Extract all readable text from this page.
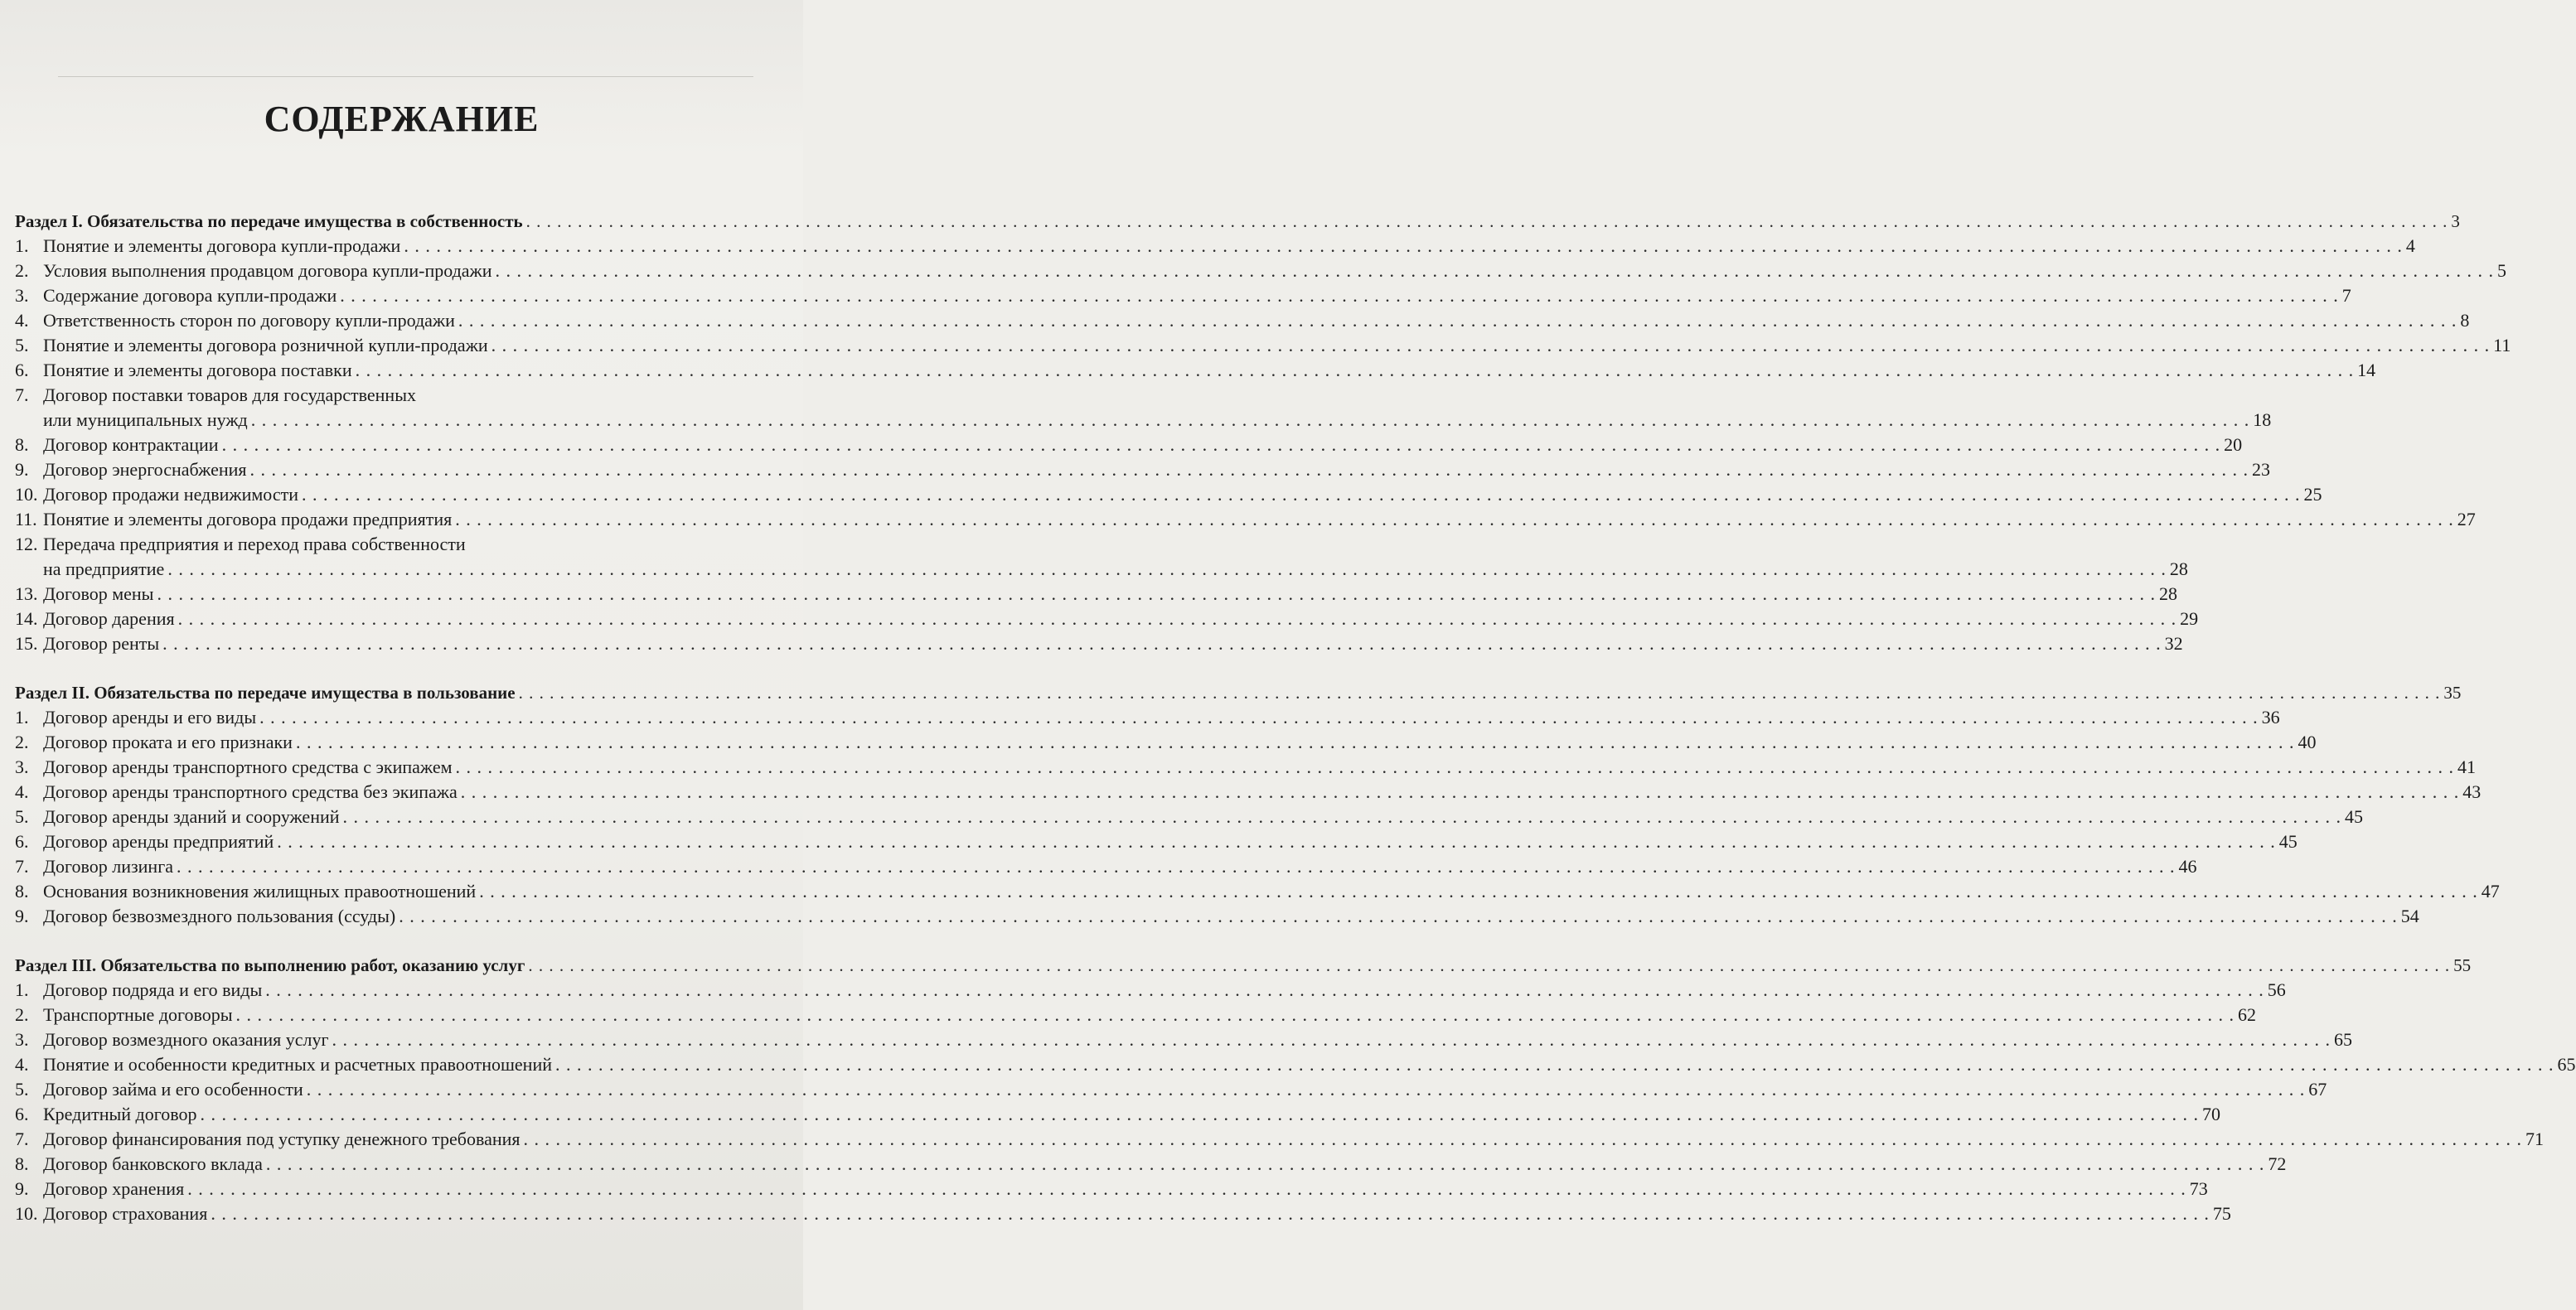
СОДЕРЖАНИЕ
Раздел I. Обязательства по передаче имущества в собственность . . .	3
1. Понятие и элементы договора купли-продажи . . .	4
2. Условия выполнения продавцом договора купли-продажи . . .	5
3. Содержание договора купли-продажи . . .	7
4. Ответственность сторон по договору купли-продажи . . .	8
5. Понятие и элементы договора розничной купли-продажи . . .	11
6. Понятие и элементы договора поставки . . .	14
7. Договор поставки товаров для государственных
или муниципальных нужд . . .	18
8. Договор контрактации . . .	20
9. Договор энергоснабжения . . .	23
10. Договор продажи недвижимости . . .	25
11. Понятие и элементы договора продажи предприятия . . .	27
12. Передача предприятия и переход права собственности
на предприятие . . .	28
13. Договор мены . . .	28
14. Договор дарения . . .	29
15. Договор ренты . . .	32
Раздел II. Обязательства по передаче имущества в пользование . . .	35
1. Договор аренды и его виды . . .	36
2. Договор проката и его признаки . . .	40
3. Договор аренды транспортного средства с экипажем . . .	41
4. Договор аренды транспортного средства без экипажа . . .	43
5. Договор аренды зданий и сооружений . . .	45
6. Договор аренды предприятий . . .	45
7. Договор лизинга . . .	46
8. Основания возникновения жилищных правоотношений . . .	47
9. Договор безвозмездного пользования (ссуды) . . .	54
Раздел III. Обязательства по выполнению работ, оказанию услуг . . .	55
1. Договор подряда и его виды . . .	56
2. Транспортные договоры . . .	62
3. Договор возмездного оказания услуг . . .	65
4. Понятие и особенности кредитных и расчетных правоотношений . . .	65
5. Договор займа и его особенности . . .	67
6. Кредитный договор . . .	70
7. Договор финансирования под уступку денежного требования . . .	71
8. Договор банковского вклада . . .	72
9. Договор хранения . . .	73
10. Договор страхования . . .	75
